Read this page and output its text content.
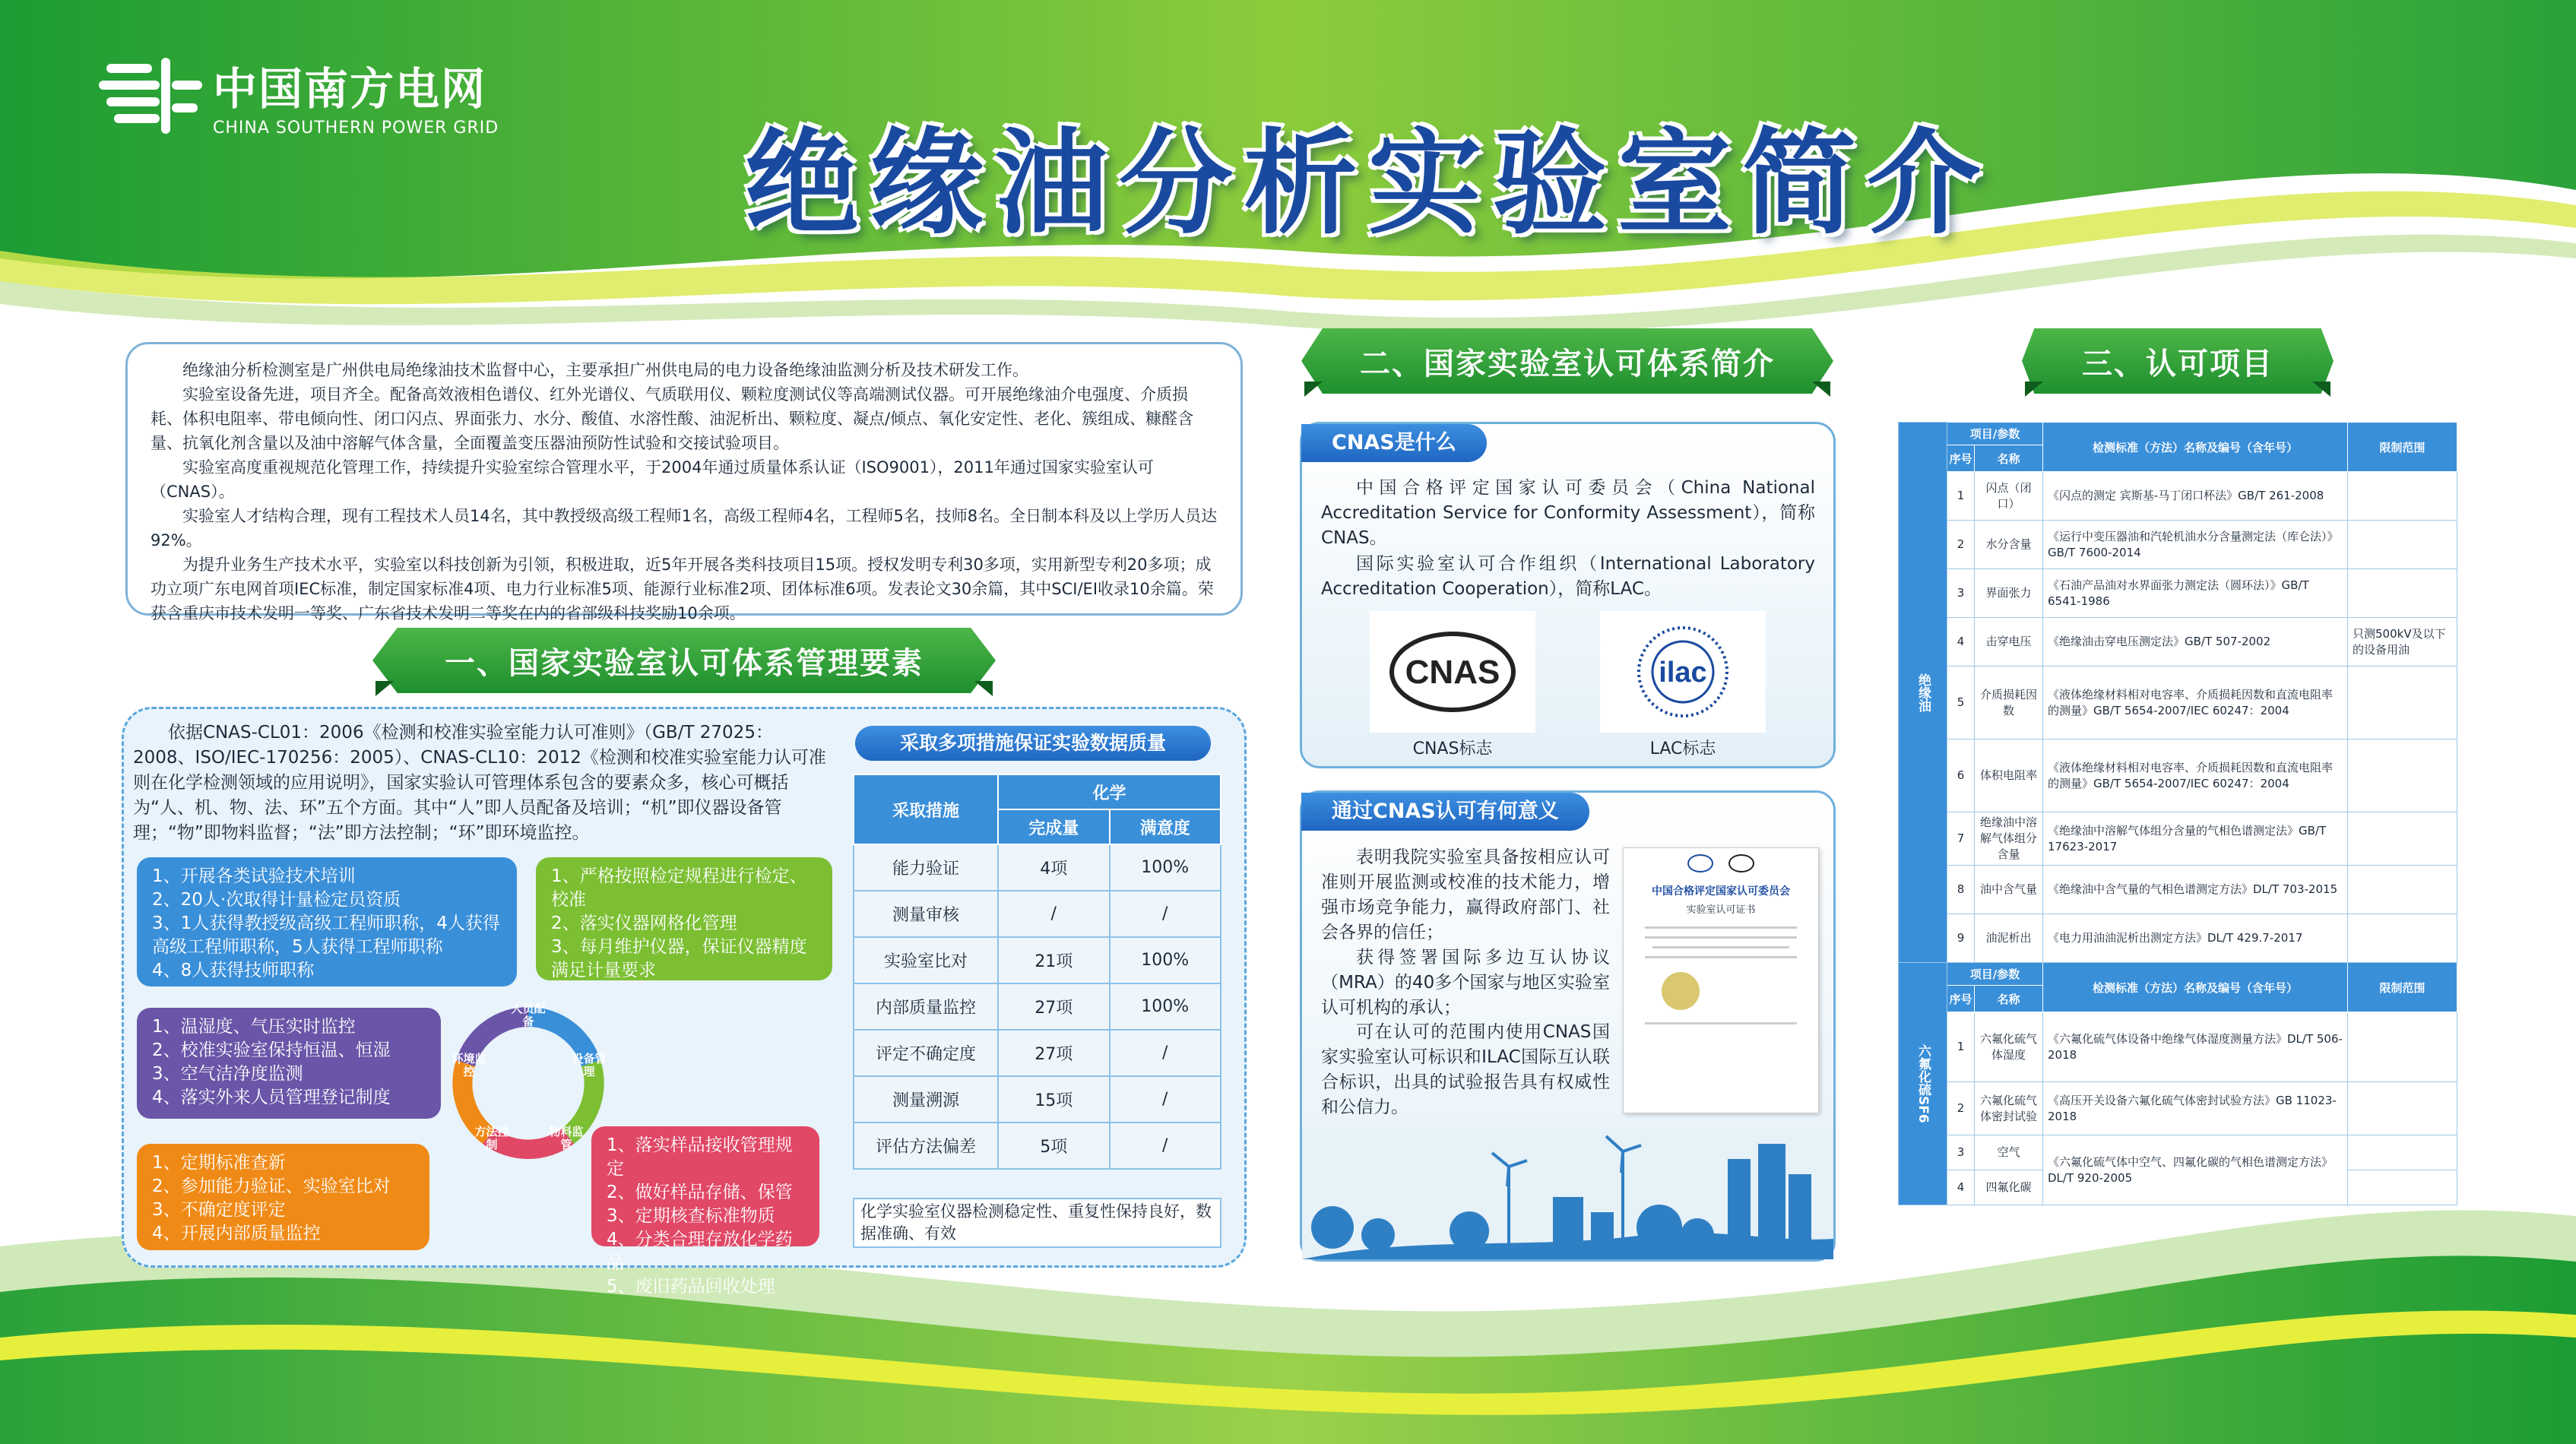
中国南方电网
CHINA SOUTHERN POWER GRID	绝缘油分析实验室简介

绝缘油分析检测室是广州供电局绝缘油技术监督中心，主要承担广州供电局的电力设备绝缘油监测分析及技术研发工作。

实验室设备先进，项目齐全。配备高效液相色谱仪、红外光谱仪、气质联用仪、颗粒度测试仪等高端测试仪器。可开展绝缘油介电强度、介质损耗、体积电阻率、带电倾向性、闭口闪点、界面张力、水分、酸值、水溶性酸、油泥析出、颗粒度、凝点/倾点、氧化安定性、老化、簇组成、糠醛含量、抗氧化剂含量以及油中溶解气体含量，全面覆盖变压器油预防性试验和交接试验项目。

实验室高度重视规范化管理工作，持续提升实验室综合管理水平，于2004年通过质量体系认证（ISO9001），2011年通过国家实验室认可（CNAS）。

实验室人才结构合理，现有工程技术人员14名，其中教授级高级工程师1名，高级工程师4名，工程师5名，技师8名。全日制本科及以上学历人员达92%。

为提升业务生产技术水平，实验室以科技创新为引领，积极进取，近5年开展各类科技项目15项。授权发明专利30多项，实用新型专利20多项；成功立项广东电网首项IEC标准，制定国家标准4项、电力行业标准5项、能源行业标准2项、团体标准6项。发表论文30余篇，其中SCI/EI收录10余篇。荣获含重庆市技术发明一等奖、广东省技术发明二等奖在内的省部级科技奖励10余项。

一、国家实验室认可体系管理要素
依据CNAS-CL01：2006《检测和校准实验室能力认可准则》（GB/T 27025：2008、ISO/IEC-170256：2005）、CNAS-CL10：2012《检测和校准实验室能力认可准则在化学检测领域的应用说明》，国家实验认可管理体系包含的要素众多，核心可概括为“人、机、物、法、环”五个方面。其中“人”即人员配备及培训；“机”即仪器设备管理；“物”即物料监督；“法”即方法控制；“环”即环境监控。
1、开展各类试验技术培训
2、20人·次取得计量检定员资质
3、1人获得教授级高级工程师职称，4人获得高级工程师职称，5人获得工程师职称
4、8人获得技师职称
1、严格按照检定规程进行检定、校准
2、落实仪器网格化管理
3、每月维护仪器，保证仪器精度满足计量要求
1、温湿度、气压实时监控
2、校准实验室保持恒温、恒湿
3、空气洁净度监测
4、落实外来人员管理登记制度
1、定期标准查新
2、参加能力验证、实验室比对
3、不确定度评定
4、开展内部质量监控
1、落实样品接收管理规定
2、做好样品存储、保管
3、定期核查标准物质
4、分类合理存放化学药品
5、废旧药品回收处理
人员配备
设备管理
物料监管
方法控制
环境监控
采取多项措施保证实验数据质量
采取措施	化学	
	完成量	满意度
能力验证	4项	100%
测量审核	/	/
实验室比对	21项	100%
内部质量监控	27项	100%
评定不确定度	27项	/
测量溯源	15项	/
评估方法偏差	5项	/
化学实验室仪器检测稳定性、重复性保持良好，数据准确、有效
二、国家实验室认可体系简介
CNAS是什么
中国合格评定国家认可委员会（China National Accreditation Service for Conformity Assessment），简称CNAS。
国际实验室认可合作组织（International Laboratory Accreditation Cooperation），简称LAC。
CNAS	ilac
CNAS标志	LAC标志
通过CNAS认可有何意义
表明我院实验室具备按相应认可准则开展监测或校准的技术能力，增强市场竞争能力，赢得政府部门、社会各界的信任；
获得签署国际多边互认协议（MRA）的40多个国家与地区实验室认可机构的承认；
可在认可的范围内使用CNAS国家实验室认可标识和ILAC国际互认联合标识，出具的试验报告具有权威性和公信力。
中国合格评定国家认可委员会
实验室认可证书
三、认可项目
绝缘油	项目/参数		检测标准（方法）名称及编号（含年号）	限制范围
	序号	名称		
	1	闪点（闭口）	《闪点的测定 宾斯基-马丁闭口杯法》GB/T 261-2008	
	2	水分含量	《运行中变压器油和汽轮机油水分含量测定法（库仑法）》GB/T 7600-2014	
	3	界面张力	《石油产品油对水界面张力测定法（圆环法）》GB/T 6541-1986	
	4	击穿电压	《绝缘油击穿电压测定法》GB/T 507-2002	只测500kV及以下的设备用油
	5	介质损耗因数	《液体绝缘材料相对电容率、介质损耗因数和直流电阻率的测量》GB/T 5654-2007/IEC 60247：2004	
	6	体积电阻率	《液体绝缘材料相对电容率、介质损耗因数和直流电阻率的测量》GB/T 5654-2007/IEC 60247：2004	
	7	绝缘油中溶解气体组分含量	《绝缘油中溶解气体组分含量的气相色谱测定法》GB/T 17623-2017	
	8	油中含气量	《绝缘油中含气量的气相色谱测定方法》DL/T 703-2015	
	9	油泥析出	《电力用油油泥析出测定方法》DL/T 429.7-2017	
六氟化硫SF6	项目/参数		检测标准（方法）名称及编号（含年号）	限制范围
	序号	名称		
	1	六氟化硫气体湿度	《六氟化硫气体设备中绝缘气体湿度测量方法》DL/T 506-2018	
	2	六氟化硫气体密封试验	《高压开关设备六氟化硫气体密封试验方法》GB 11023-2018	
	3	空气	《六氟化硫气体中空气、四氟化碳的气相色谱测定方法》DL/T 920-2005	
	4	四氟化碳		
